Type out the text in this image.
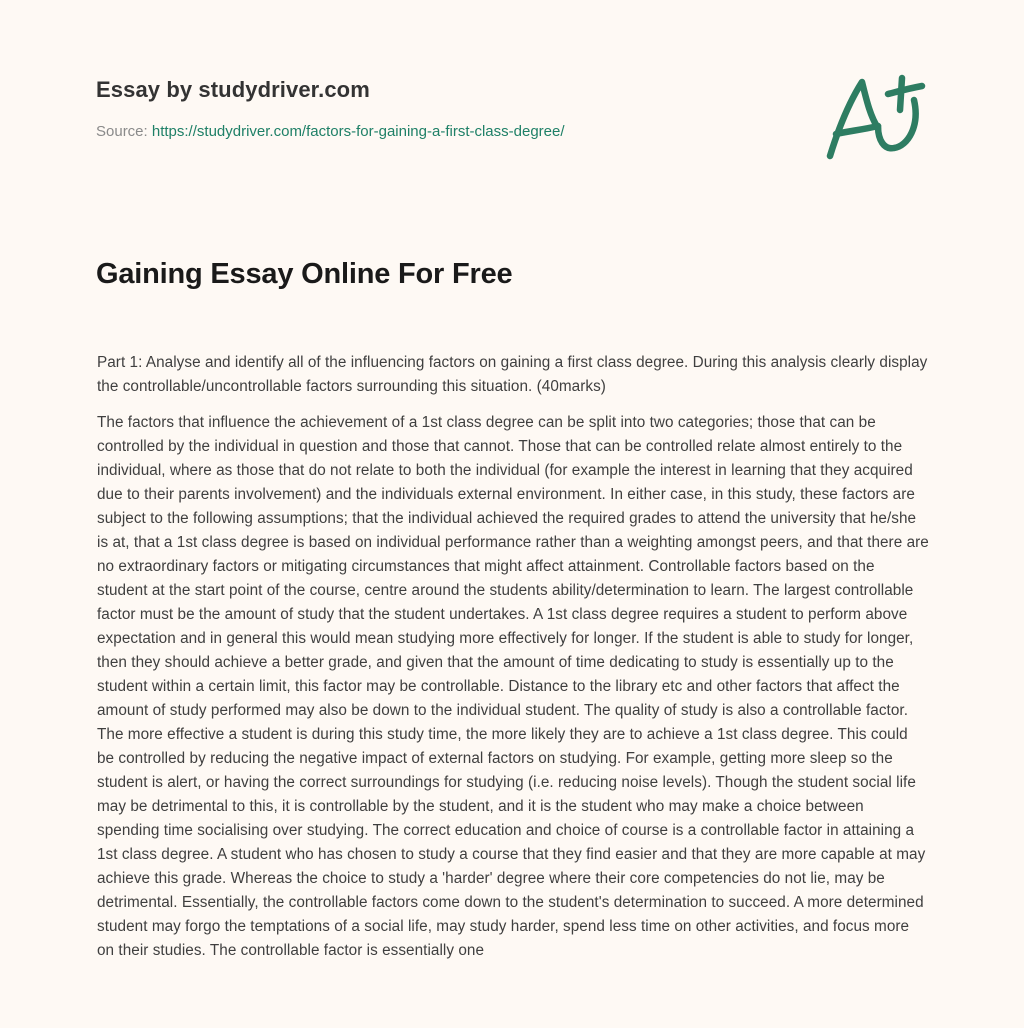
Essay by studydriver.com
Source: https://studydriver.com/factors-for-gaining-a-first-class-degree/
Gaining Essay Online For Free

Part 1: Analyse and identify all of the influencing factors on gaining a first class degree. During this analysis clearly display the controllable/uncontrollable factors surrounding this situation. (40marks)

The factors that influence the achievement of a 1st class degree can be split into two categories; those that can be controlled by the individual in question and those that cannot. Those that can be controlled relate almost entirely to the individual, where as those that do not relate to both the individual (for example the interest in learning that they acquired due to their parents involvement) and the individuals external environment. In either case, in this study, these factors are subject to the following assumptions; that the individual achieved the required grades to attend the university that he/she is at, that a 1st class degree is based on individual performance rather than a weighting amongst peers, and that there are no extraordinary factors or mitigating circumstances that might affect attainment. Controllable factors based on the student at the start point of the course, centre around the students ability/determination to learn. The largest controllable factor must be the amount of study that the student undertakes. A 1st class degree requires a student to perform above expectation and in general this would mean studying more effectively for longer. If the student is able to study for longer, then they should achieve a better grade, and given that the amount of time dedicating to study is essentially up to the student within a certain limit, this factor may be controllable. Distance to the library etc and other factors that affect the amount of study performed may also be down to the individual student. The quality of study is also a controllable factor. The more effective a student is during this study time, the more likely they are to achieve a 1st class degree. This could be controlled by reducing the negative impact of external factors on studying. For example, getting more sleep so the student is alert, or having the correct surroundings for studying (i.e. reducing noise levels). Though the student social life may be detrimental to this, it is controllable by the student, and it is the student who may make a choice between spending time socialising over studying. The correct education and choice of course is a controllable factor in attaining a 1st class degree. A student who has chosen to study a course that they find easier and that they are more capable at may achieve this grade. Whereas the choice to study a 'harder' degree where their core competencies do not lie, may be detrimental. Essentially, the controllable factors come down to the student's determination to succeed. A more determined student may forgo the temptations of a social life, may study harder, spend less time on other activities, and focus more on their studies. The controllable factor is essentially one
